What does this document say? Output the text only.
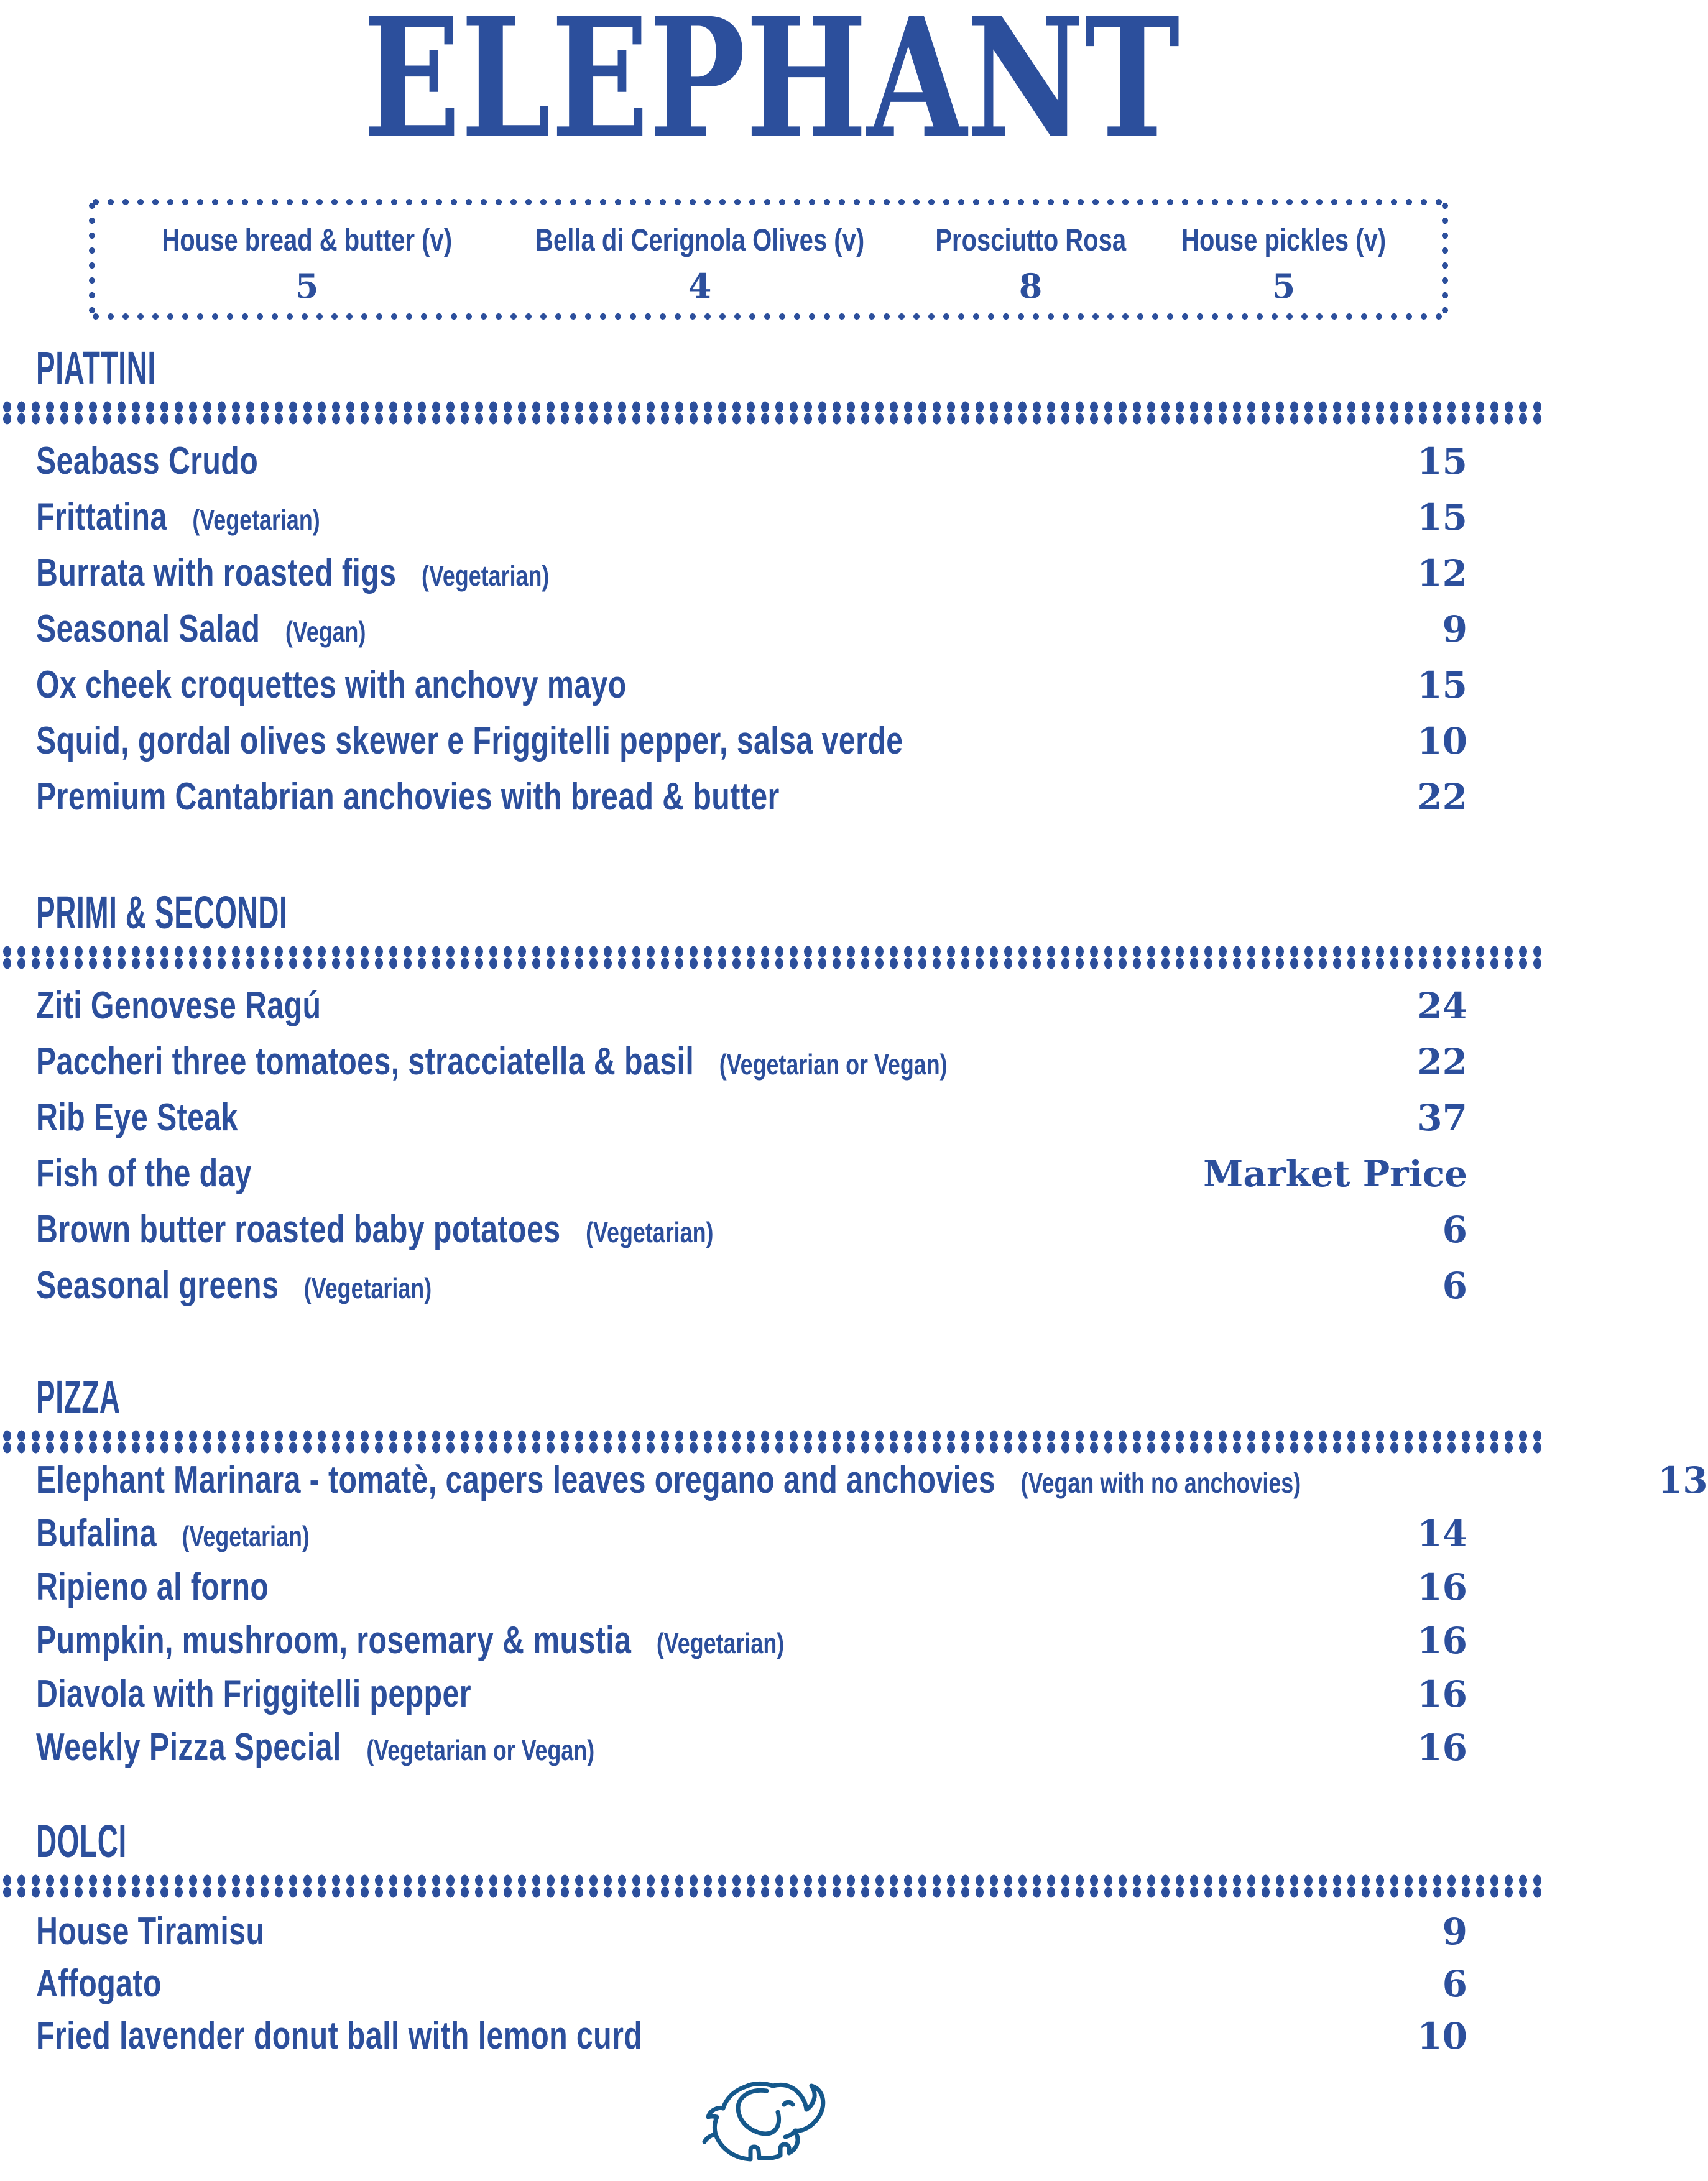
ELEPHANT
House bread & butter (v)
5
Bella di Cerignola Olives (v)
4
Prosciutto Rosa
8
House pickles (v)
5
PIATTINI
Seabass Crudo	15
Frittatina (Vegetarian)	15
Burrata with roasted figs (Vegetarian)	12
Seasonal Salad (Vegan)	9
Ox cheek croquettes with anchovy mayo	15
Squid, gordal olives skewer e Friggitelli pepper, salsa verde	10
Premium Cantabrian anchovies with bread & butter	22
PRIMI & SECONDI
Ziti Genovese Ragú	24
Paccheri three tomatoes, stracciatella & basil (Vegetarian or Vegan)	22
Rib Eye Steak	37
Fish of the day	Market Price
Brown butter roasted baby potatoes (Vegetarian)	6
Seasonal greens (Vegetarian)	6
PIZZA
Elephant Marinara - tomatè, capers leaves oregano and anchovies (Vegan with no anchovies)	13
Bufalina (Vegetarian)	14
Ripieno al forno	16
Pumpkin, mushroom, rosemary & mustia (Vegetarian)	16
Diavola with Friggitelli pepper	16
Weekly Pizza Special (Vegetarian or Vegan)	16
DOLCI
House Tiramisu	9
Affogato	6
Fried lavender donut ball with lemon curd	10
